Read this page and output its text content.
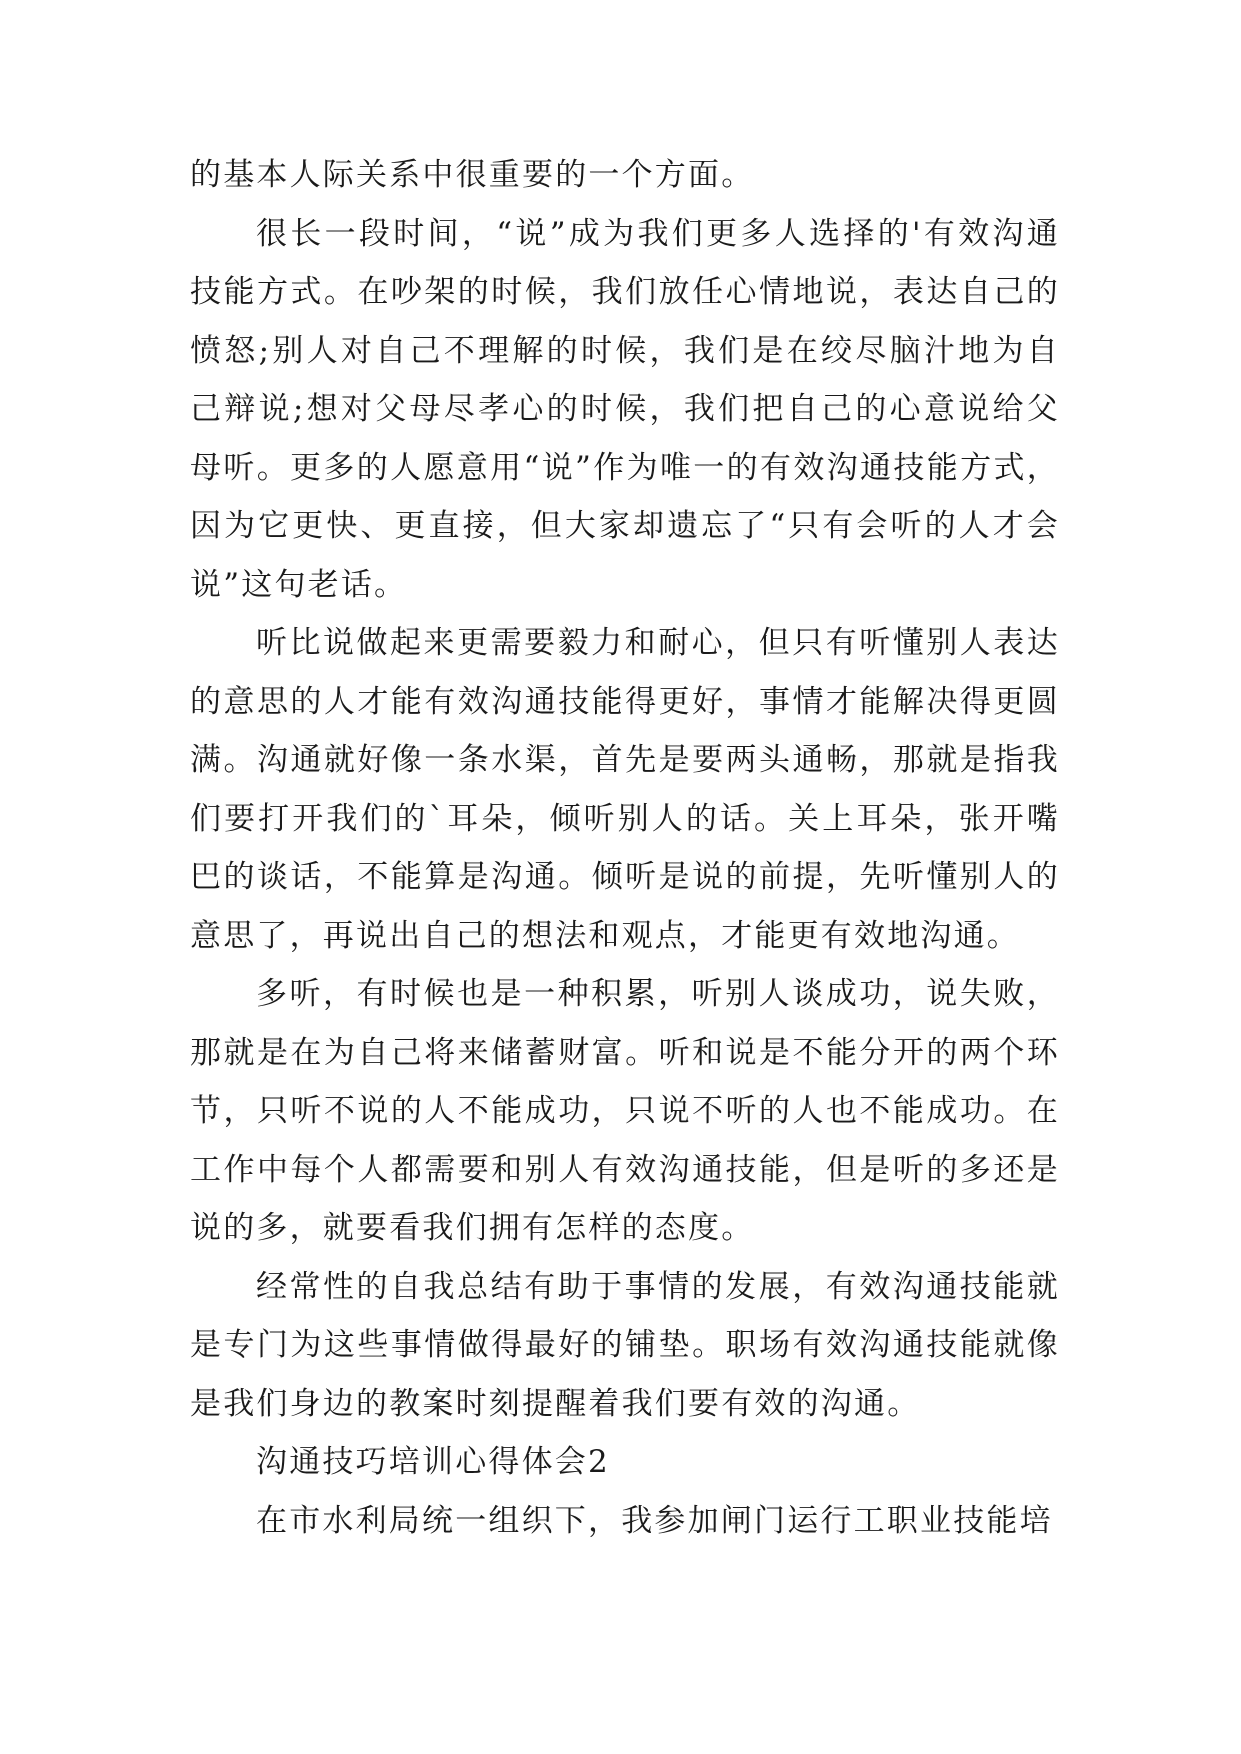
的基本人际关系中很重要的一个方面。

很长一段时间，“说”成为我们更多人选择的'有效沟通技能方式。在吵架的时候，我们放任心情地说，表达自己的愤怒;别人对自己不理解的时候，我们是在绞尽脑汁地为自己辩说;想对父母尽孝心的时候，我们把自己的心意说给父母听。更多的人愿意用“说”作为唯一的有效沟通技能方式，因为它更快、更直接，但大家却遗忘了“只有会听的人才会说”这句老话。

听比说做起来更需要毅力和耐心，但只有听懂别人表达的意思的人才能有效沟通技能得更好，事情才能解决得更圆满。沟通就好像一条水渠，首先是要两头通畅，那就是指我们要打开我们的`耳朵，倾听别人的话。关上耳朵，张开嘴巴的谈话，不能算是沟通。倾听是说的前提，先听懂别人的意思了，再说出自己的想法和观点，才能更有效地沟通。

多听，有时候也是一种积累，听别人谈成功，说失败，那就是在为自己将来储蓄财富。听和说是不能分开的两个环节，只听不说的人不能成功，只说不听的人也不能成功。在工作中每个人都需要和别人有效沟通技能，但是听的多还是说的多，就要看我们拥有怎样的态度。

经常性的自我总结有助于事情的发展，有效沟通技能就是专门为这些事情做得最好的铺垫。职场有效沟通技能就像是我们身边的教案时刻提醒着我们要有效的沟通。

沟通技巧培训心得体会2

在市水利局统一组织下，我参加闸门运行工职业技能培
